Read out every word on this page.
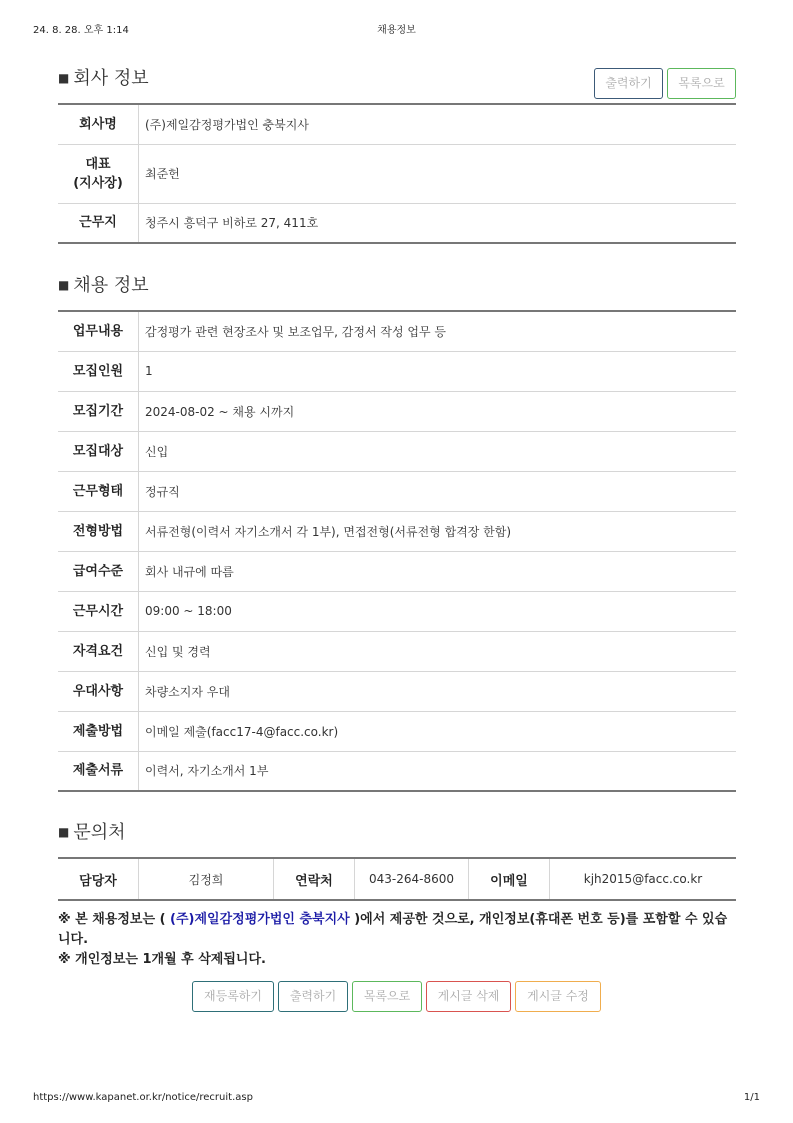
24. 8. 28. 오후 1:14	채용정보
■ 회사 정보	출력하기	목록으로
회사명	(주)제일감정평가법인 충북지사
대표
(지사장)	최준헌
근무지	청주시 흥덕구 비하로 27, 411호
■ 채용 정보
업무내용	감정평가 관련 현장조사 및 보조업무, 감정서 작성 업무 등
모집인원	1
모집기간	2024-08-02 ~ 채용 시까지
모집대상	신입
근무형태	정규직
전형방법	서류전형(이력서 자기소개서 각 1부), 면접전형(서류전형 합격장 한함)
급여수준	회사 내규에 따름
근무시간	09:00 ~ 18:00
자격요건	신입 및 경력
우대사항	차량소지자 우대
제출방법	이메일 제출(facc17-4@facc.co.kr)
제출서류	이력서, 자기소개서 1부
■ 문의처
담당자	김정희	연락처	043-264-8600	이메일	kjh2015@facc.co.kr
※ 본 채용정보는 ( (주)제일감정평가법인 충북지사 )에서 제공한 것으로, 개인정보(휴대폰 번호 등)를 포함할 수 있습니다.
※ 개인정보는 1개월 후 삭제됩니다.
재등록하기	출력하기	목록으로	게시글 삭제	게시글 수정
https://www.kapanet.or.kr/notice/recruit.asp	1/1
